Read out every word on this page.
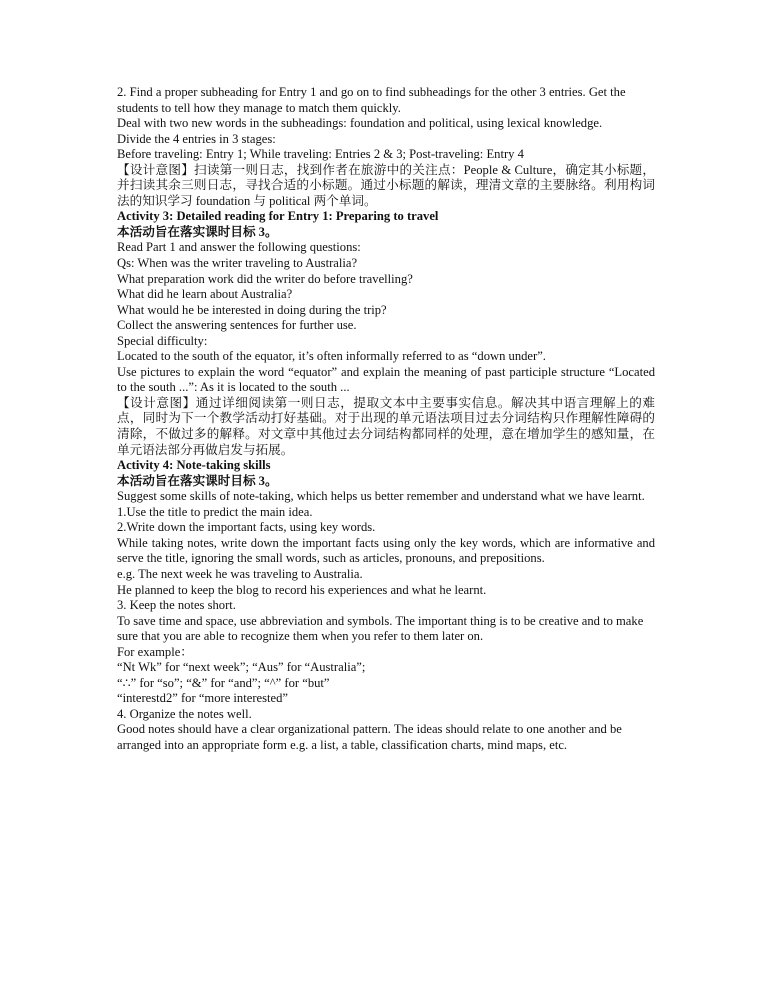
2. Find a proper subheading for Entry 1 and go on to find subheadings for the other 3 entries. Get the students to tell how they manage to match them quickly.

Deal with two new words in the subheadings: foundation and political, using lexical knowledge.

Divide the 4 entries in 3 stages:

Before traveling: Entry 1; While traveling: Entries 2 & 3; Post-traveling: Entry 4

【设计意图】扫读第一则日志，找到作者在旅游中的关注点：People & Culture，确定其小标题，并扫读其余三则日志，寻找合适的小标题。通过小标题的解读，理清文章的主要脉络。利用构词法的知识学习 foundation 与 political 两个单词。

Activity 3: Detailed reading for Entry 1: Preparing to travel

本活动旨在落实课时目标 3。

Read Part 1 and answer the following questions:

Qs: When was the writer traveling to Australia?

What preparation work did the writer do before travelling?

What did he learn about Australia?

What would he be interested in doing during the trip?

Collect the answering sentences for further use.

Special difficulty:

Located to the south of the equator, it’s often informally referred to as “down under”.

Use pictures to explain the word “equator” and explain the meaning of past participle structure “Located to the south ...”: As it is located to the south ...

【设计意图】通过详细阅读第一则日志，提取文本中主要事实信息。解决其中语言理解上的难点，同时为下一个教学活动打好基础。对于出现的单元语法项目过去分词结构只作理解性障碍的清除，不做过多的解释。对文章中其他过去分词结构都同样的处理，意在增加学生的感知量，在单元语法部分再做启发与拓展。

Activity 4: Note-taking skills

本活动旨在落实课时目标 3。

Suggest some skills of note-taking, which helps us better remember and understand what we have learnt.

1.Use the title to predict the main idea.

2.Write down the important facts, using key words.

While taking notes, write down the important facts using only the key words, which are informative and serve the title, ignoring the small words, such as articles, pronouns, and prepositions.

e.g. The next week he was traveling to Australia.

He planned to keep the blog to record his experiences and what he learnt.

3. Keep the notes short.

To save time and space, use abbreviation and symbols. The important thing is to be creative and to make sure that you are able to recognize them when you refer to them later on.

For example：

“Nt Wk” for “next week”; “Aus” for “Australia”;

“∴” for “so”; “&” for “and”; “^” for “but”

“interestd2” for “more interested”

4. Organize the notes well.

Good notes should have a clear organizational pattern. The ideas should relate to one another and be arranged into an appropriate form e.g. a list, a table, classification charts, mind maps, etc.
